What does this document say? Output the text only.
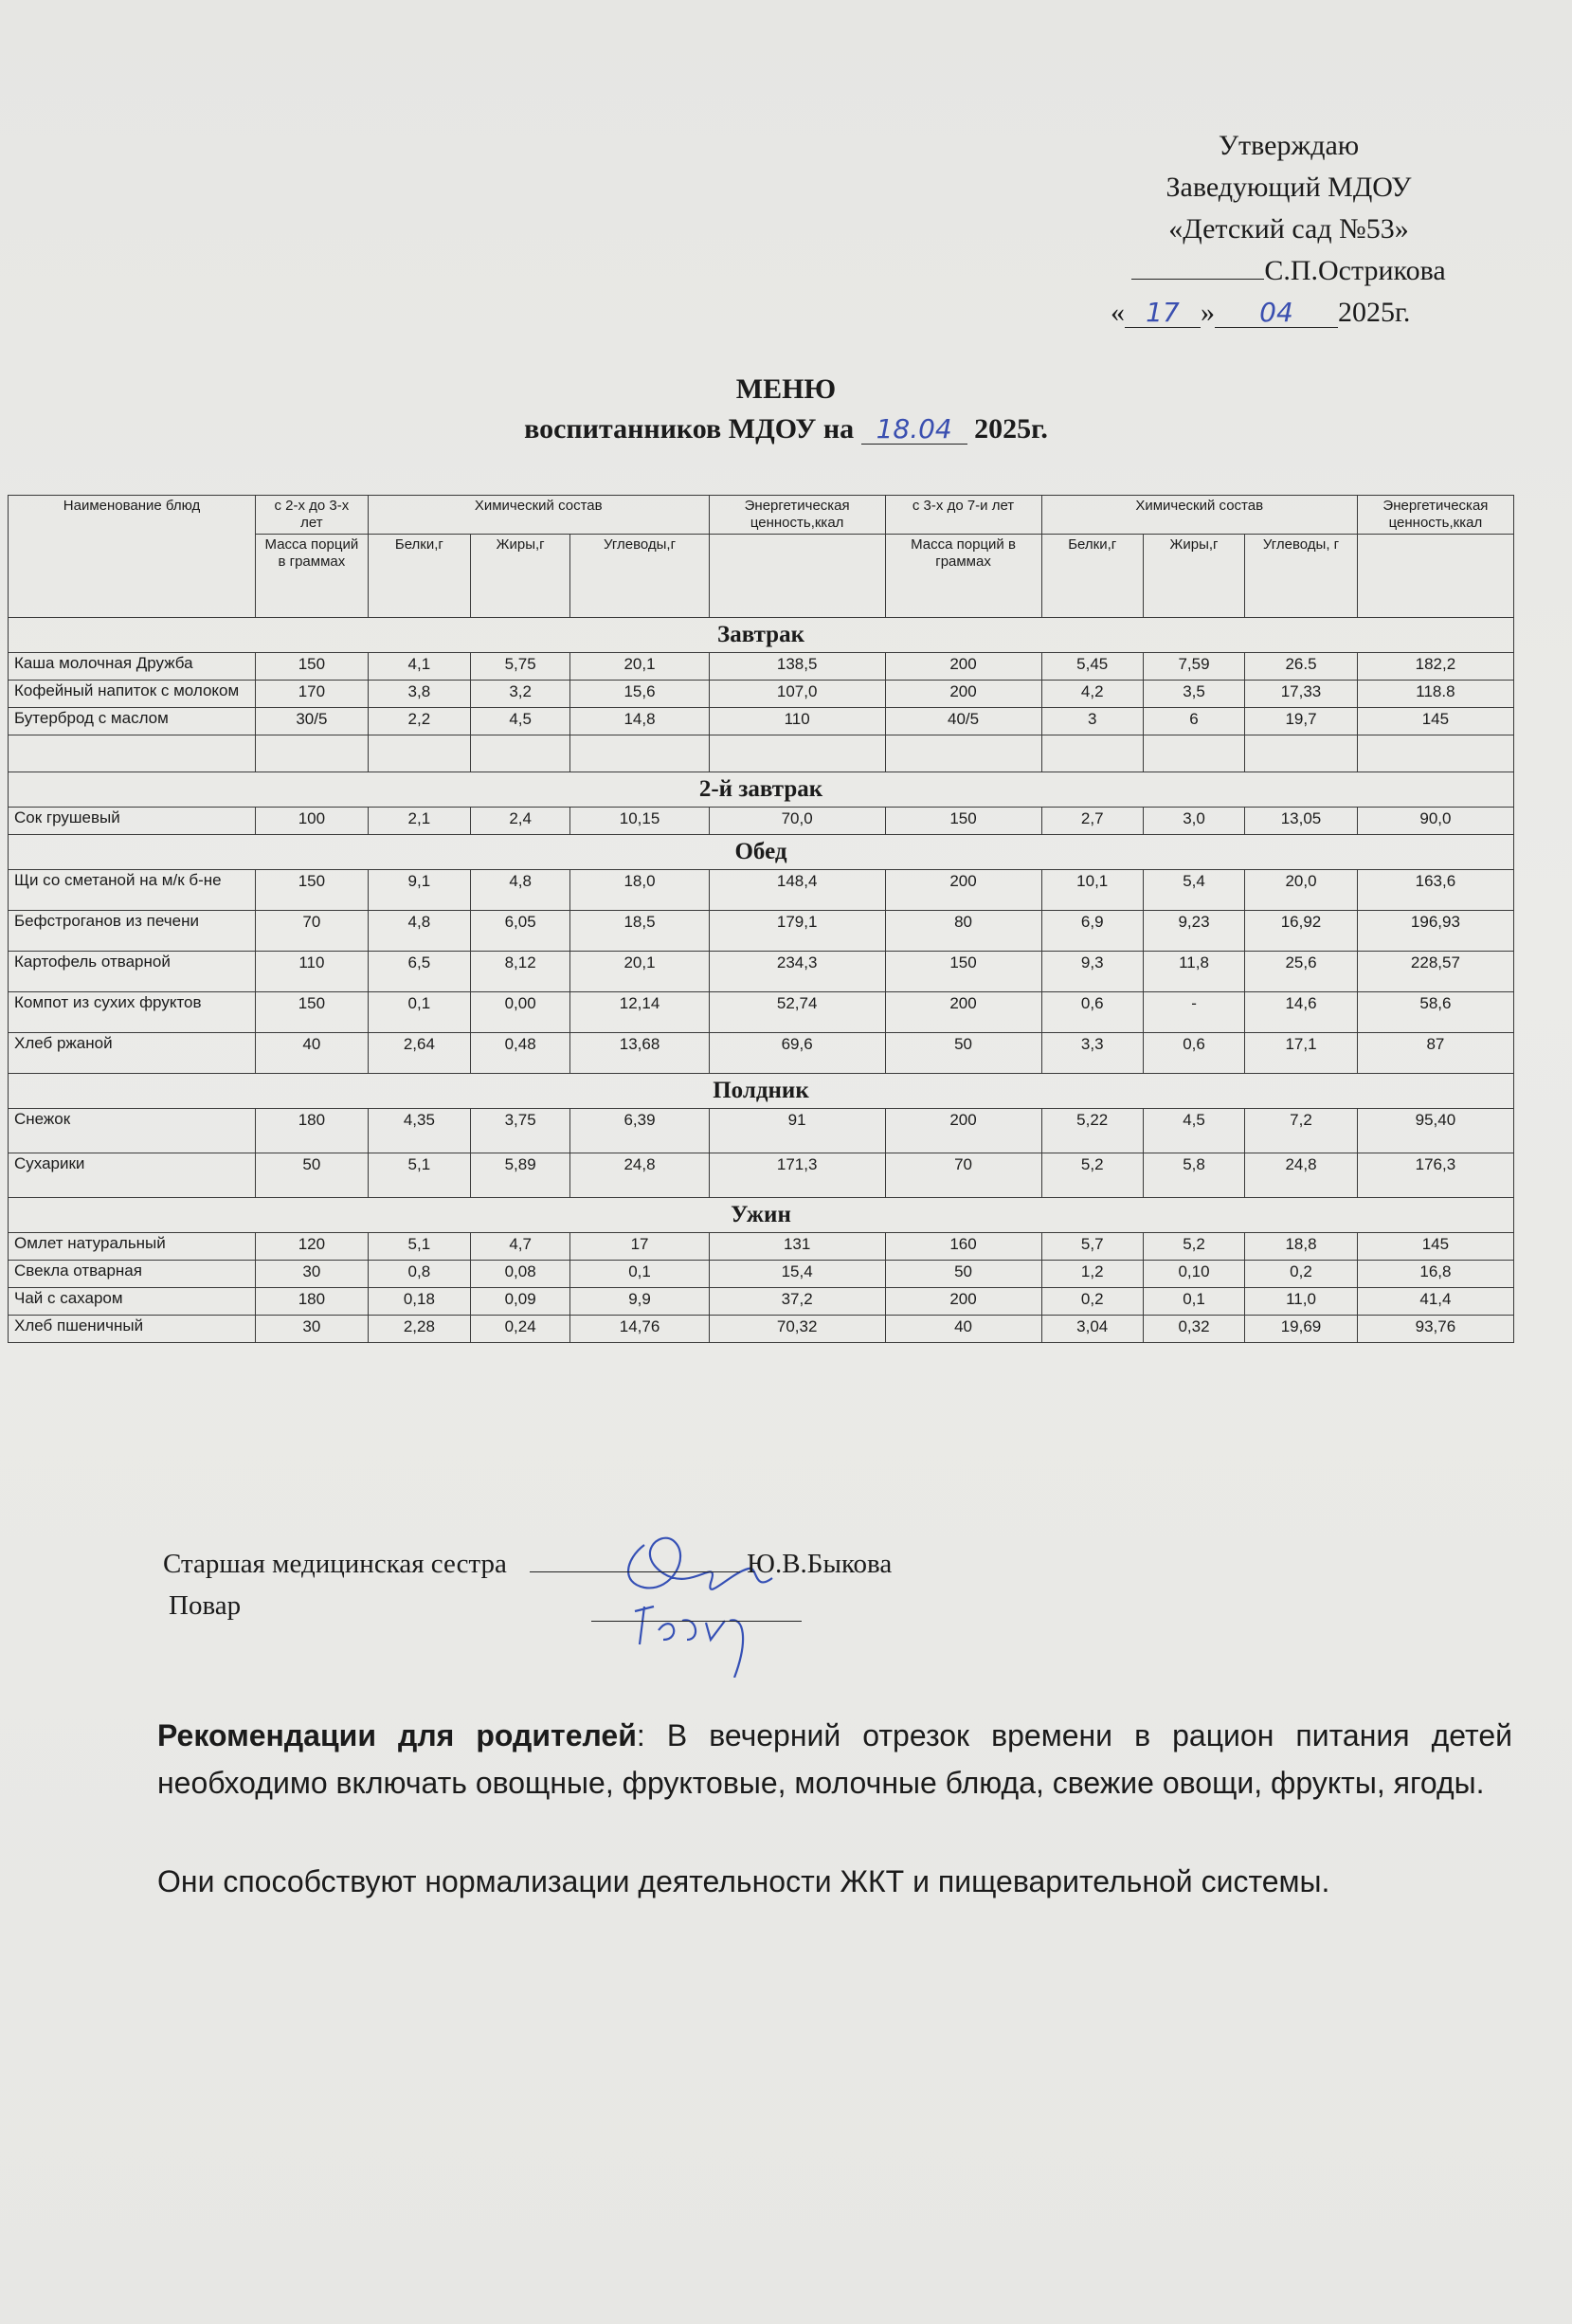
Утверждаю
Заведующий МДОУ
«Детский сад №53»
С.П.Острикова
« 17 » 04 2025г.
МЕНЮ
воспитанников МДОУ на 18.04 2025г.
Наименование блюд	с 2-х до 3-х лет	Химический состав			Энергетическая ценность,ккал	с 3-х до 7-и лет	Химический состав			Энергетическая ценность,ккал
	Масса порций в граммах	Белки,г	Жиры,г	Углеводы,г		Масса порций в граммах	Белки,г	Жиры,г	Углеводы, г	
Завтрак										
Каша молочная Дружба	150	4,1	5,75	20,1	138,5	200	5,45	7,59	26.5	182,2
Кофейный напиток с молоком	170	3,8	3,2	15,6	107,0	200	4,2	3,5	17,33	118.8
Бутерброд с маслом	30/5	2,2	4,5	14,8	110	40/5	3	6	19,7	145

2-й завтрак										
Сок грушевый	100	2,1	2,4	10,15	70,0	150	2,7	3,0	13,05	90,0
Обед										
Щи со сметаной на м/к б-не	150	9,1	4,8	18,0	148,4	200	10,1	5,4	20,0	163,6
Бефстроганов из печени	70	4,8	6,05	18,5	179,1	80	6,9	9,23	16,92	196,93
Картофель отварной	110	6,5	8,12	20,1	234,3	150	9,3	11,8	25,6	228,57
Компот из сухих фруктов	150	0,1	0,00	12,14	52,74	200	0,6	-	14,6	58,6
Хлеб ржаной	40	2,64	0,48	13,68	69,6	50	3,3	0,6	17,1	87
Полдник										
Снежок	180	4,35	3,75	6,39	91	200	5,22	4,5	7,2	95,40
Сухарики	50	5,1	5,89	24,8	171,3	70	5,2	5,8	24,8	176,3
Ужин										
Омлет натуральный	120	5,1	4,7	17	131	160	5,7	5,2	18,8	145
Свекла отварная	30	0,8	0,08	0,1	15,4	50	1,2	0,10	0,2	16,8
Чай с сахаром	180	0,18	0,09	9,9	37,2	200	0,2	0,1	11,0	41,4
Хлеб пшеничный	30	2,28	0,24	14,76	70,32	40	3,04	0,32	19,69	93,76
Старшая медицинская сестра	Ю.В.Быкова
Повар
Рекомендации для родителей: В вечерний отрезок времени в рацион питания детей необходимо включать овощные, фруктовые, молочные блюда, свежие овощи, фрукты, ягоды.
Они способствуют нормализации деятельности ЖКТ и пищеварительной системы.
